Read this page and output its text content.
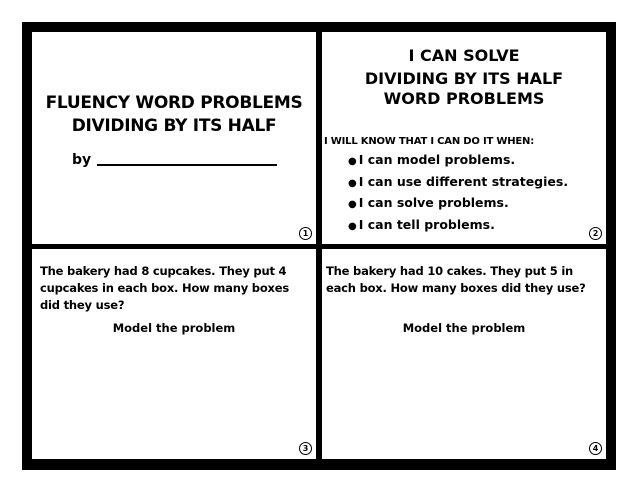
FLUENCY WORD PROBLEMS
DIVIDING BY ITS HALF
by
1
I CAN SOLVE
DIVIDING BY ITS HALF
WORD PROBLEMS
I WILL KNOW THAT I CAN DO IT WHEN:
● I can model problems.
● I can use different strategies.
● I can solve problems.
● I can tell problems.
2
The bakery had 8 cupcakes. They put 4 cupcakes in each box. How many boxes did they use?
Model the problem
3
The bakery had 10 cakes. They put 5 in each box. How many boxes did they use?
Model the problem
4
